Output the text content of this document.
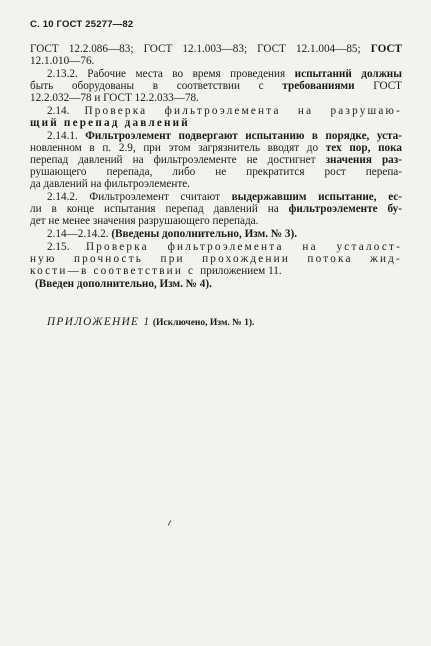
С. 10 ГОСТ 25277—82
ГОСТ 12.2.086—83; ГОСТ 12.1.003—83; ГОСТ 12.1.004—85; ГОСТ
12.1.010—76.
2.13.2. Рабочие места во время проведения испытаний должны
быть оборудованы в соответствии с требованиями ГОСТ
12.2.032—78 и ГОСТ 12.2.033—78.
2.14. Проверка фильтроэлемента на разрушаю-
щий перепад давлений
2.14.1. Фильтроэлемент подвергают испытанию в порядке, уста-
новленном в п. 2.9, при этом загрязнитель вводят до тех пор, пока
перепад давлений на фильтроэлементе не достигнет значения раз-
рушающего перепада, либо не прекратится рост перепа-
да давлений на фильтроэлементе.
2.14.2. Фильтроэлемент считают выдержавшим испытание, ес-
ли в конце испытания перепад давлений на фильтроэлементе бу-
дет не менее значения разрушающего перепада.
2.14—2.14.2. (Введены дополнительно, Изм. № 3).
2.15. Проверка фильтроэлемента на усталост-
ную прочность при прохождении потока жид-
кости—в соответствии с приложением 11.
(Введен дополнительно, Изм. № 4).
ПРИЛОЖЕНИЕ 1 (Исключено, Изм. № 1).
